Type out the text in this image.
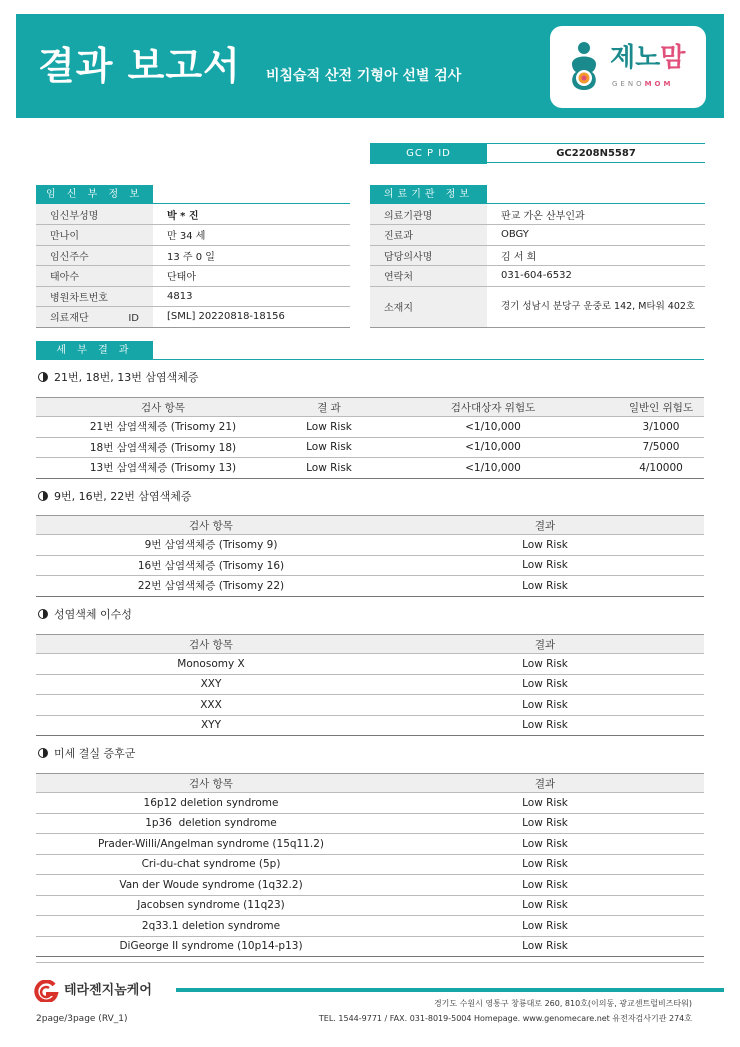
결과 보고서 비침습적 산전 기형아 선별 검사
제노맘
GENOMOM
GC P ID	GC2208N5587
임 신 부 정 보
임신부성명	박 * 진
만나이	만 34 세
임신주수	13 주 0 일
태아수	단태아
병원차트번호	4813
의료재단 ID	[SML] 20220818-18156
의료기관 정보
의료기관명	판교 가온 산부인과
진료과	OBGY
담당의사명	김 서 희
연락처	031-604-6532
소재지	경기 성남시 분당구 운중로 142, M타워 402호
세 부 결 과
21번, 18번, 13번 삼염색체증
검사 항목	결 과	검사대상자 위험도	일반인 위험도
21번 삼염색체증 (Trisomy 21)	Low Risk	<1/10,000	3/1000
18번 삼염색체증 (Trisomy 18)	Low Risk	<1/10,000	7/5000
13번 삼염색체증 (Trisomy 13)	Low Risk	<1/10,000	4/10000
9번, 16번, 22번 삼염색체증
검사 항목	결과
9번 삼염색체증 (Trisomy 9)	Low Risk
16번 삼염색체증 (Trisomy 16)	Low Risk
22번 삼염색체증 (Trisomy 22)	Low Risk
성염색체 이수성
검사 항목	결과
Monosomy X	Low Risk
XXY	Low Risk
XXX	Low Risk
XYY	Low Risk
미세 결실 증후군
검사 항목	결과
16p12 deletion syndrome	Low Risk
1p36  deletion syndrome	Low Risk
Prader-Willi/Angelman syndrome (15q11.2)	Low Risk
Cri-du-chat syndrome (5p)	Low Risk
Van der Woude syndrome (1q32.2)	Low Risk
Jacobsen syndrome (11q23)	Low Risk
2q33.1 deletion syndrome	Low Risk
DiGeorge II syndrome (10p14-p13)	Low Risk
테라젠지놈케어
경기도 수원시 영통구 창룡대로 260, 810호(이의동, 광교센트럴비즈타워)
TEL. 1544-9771 / FAX. 031-8019-5004 Homepage. www.genomecare.net 유전자검사기관 274호
2page/3page (RV_1)
